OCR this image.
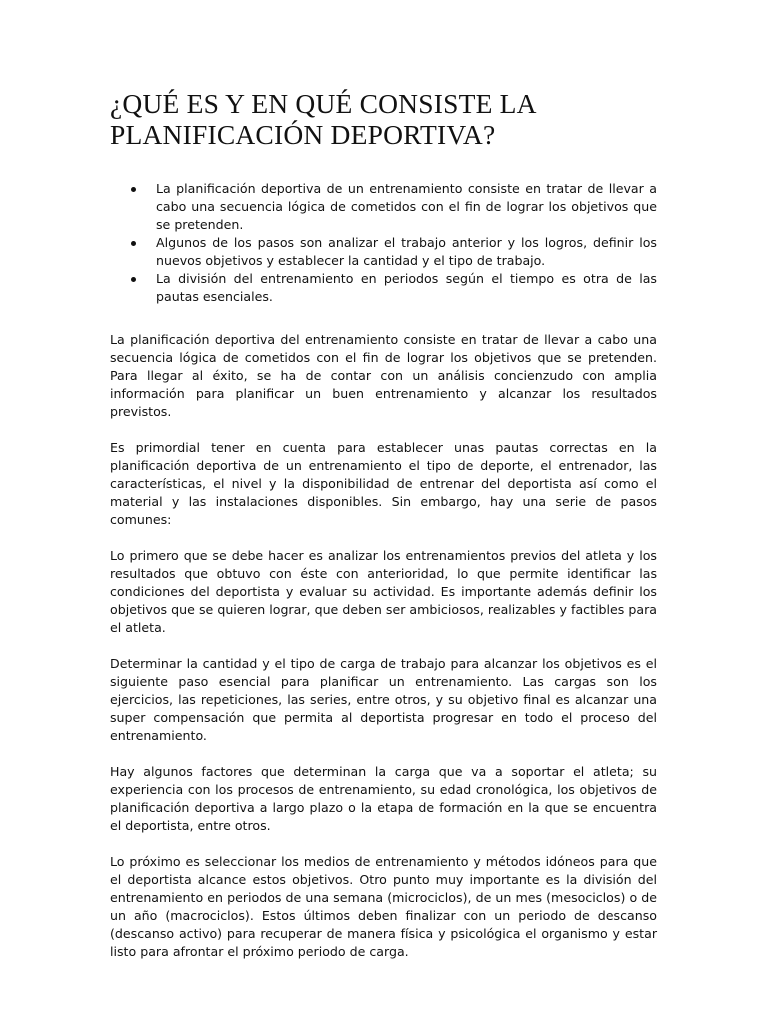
¿QUÉ ES Y EN QUÉ CONSISTE LA PLANIFICACIÓN DEPORTIVA?
La planificación deportiva de un entrenamiento consiste en tratar de llevar a cabo una secuencia lógica de cometidos con el fin de lograr los objetivos que se pretenden.
Algunos de los pasos son analizar el trabajo anterior y los logros, definir los nuevos objetivos y establecer la cantidad y el tipo de trabajo.
La división del entrenamiento en periodos según el tiempo es otra de las pautas esenciales.

La planificación deportiva del entrenamiento consiste en tratar de llevar a cabo una secuencia lógica de cometidos con el fin de lograr los objetivos que se pretenden. Para llegar al éxito, se ha de contar con un análisis concienzudo con amplia información para planificar un buen entrenamiento y alcanzar los resultados previstos.

Es primordial tener en cuenta para establecer unas pautas correctas en la planificación deportiva de un entrenamiento el tipo de deporte, el entrenador, las características, el nivel y la disponibilidad de entrenar del deportista así como el material y las instalaciones disponibles. Sin embargo, hay una serie de pasos comunes:

Lo primero que se debe hacer es analizar los entrenamientos previos del atleta y los resultados que obtuvo con éste con anterioridad, lo que permite identificar las condiciones del deportista y evaluar su actividad. Es importante además definir los objetivos que se quieren lograr, que deben ser ambiciosos, realizables y factibles para el atleta.

Determinar la cantidad y el tipo de carga de trabajo para alcanzar los objetivos es el siguiente paso esencial para planificar un entrenamiento. Las cargas son los ejercicios, las repeticiones, las series, entre otros, y su objetivo final es alcanzar una super compensación que permita al deportista progresar en todo el proceso del entrenamiento.

Hay algunos factores que determinan la carga que va a soportar el atleta; su experiencia con los procesos de entrenamiento, su edad cronológica, los objetivos de planificación deportiva a largo plazo o la etapa de formación en la que se encuentra el deportista, entre otros.

Lo próximo es seleccionar los medios de entrenamiento y métodos idóneos para que el deportista alcance estos objetivos. Otro punto muy importante es la división del entrenamiento en periodos de una semana (microciclos), de un mes (mesociclos) o de un año (macrociclos). Estos últimos deben finalizar con un periodo de descanso (descanso activo) para recuperar de manera física y psicológica el organismo y estar listo para afrontar el próximo periodo de carga.
